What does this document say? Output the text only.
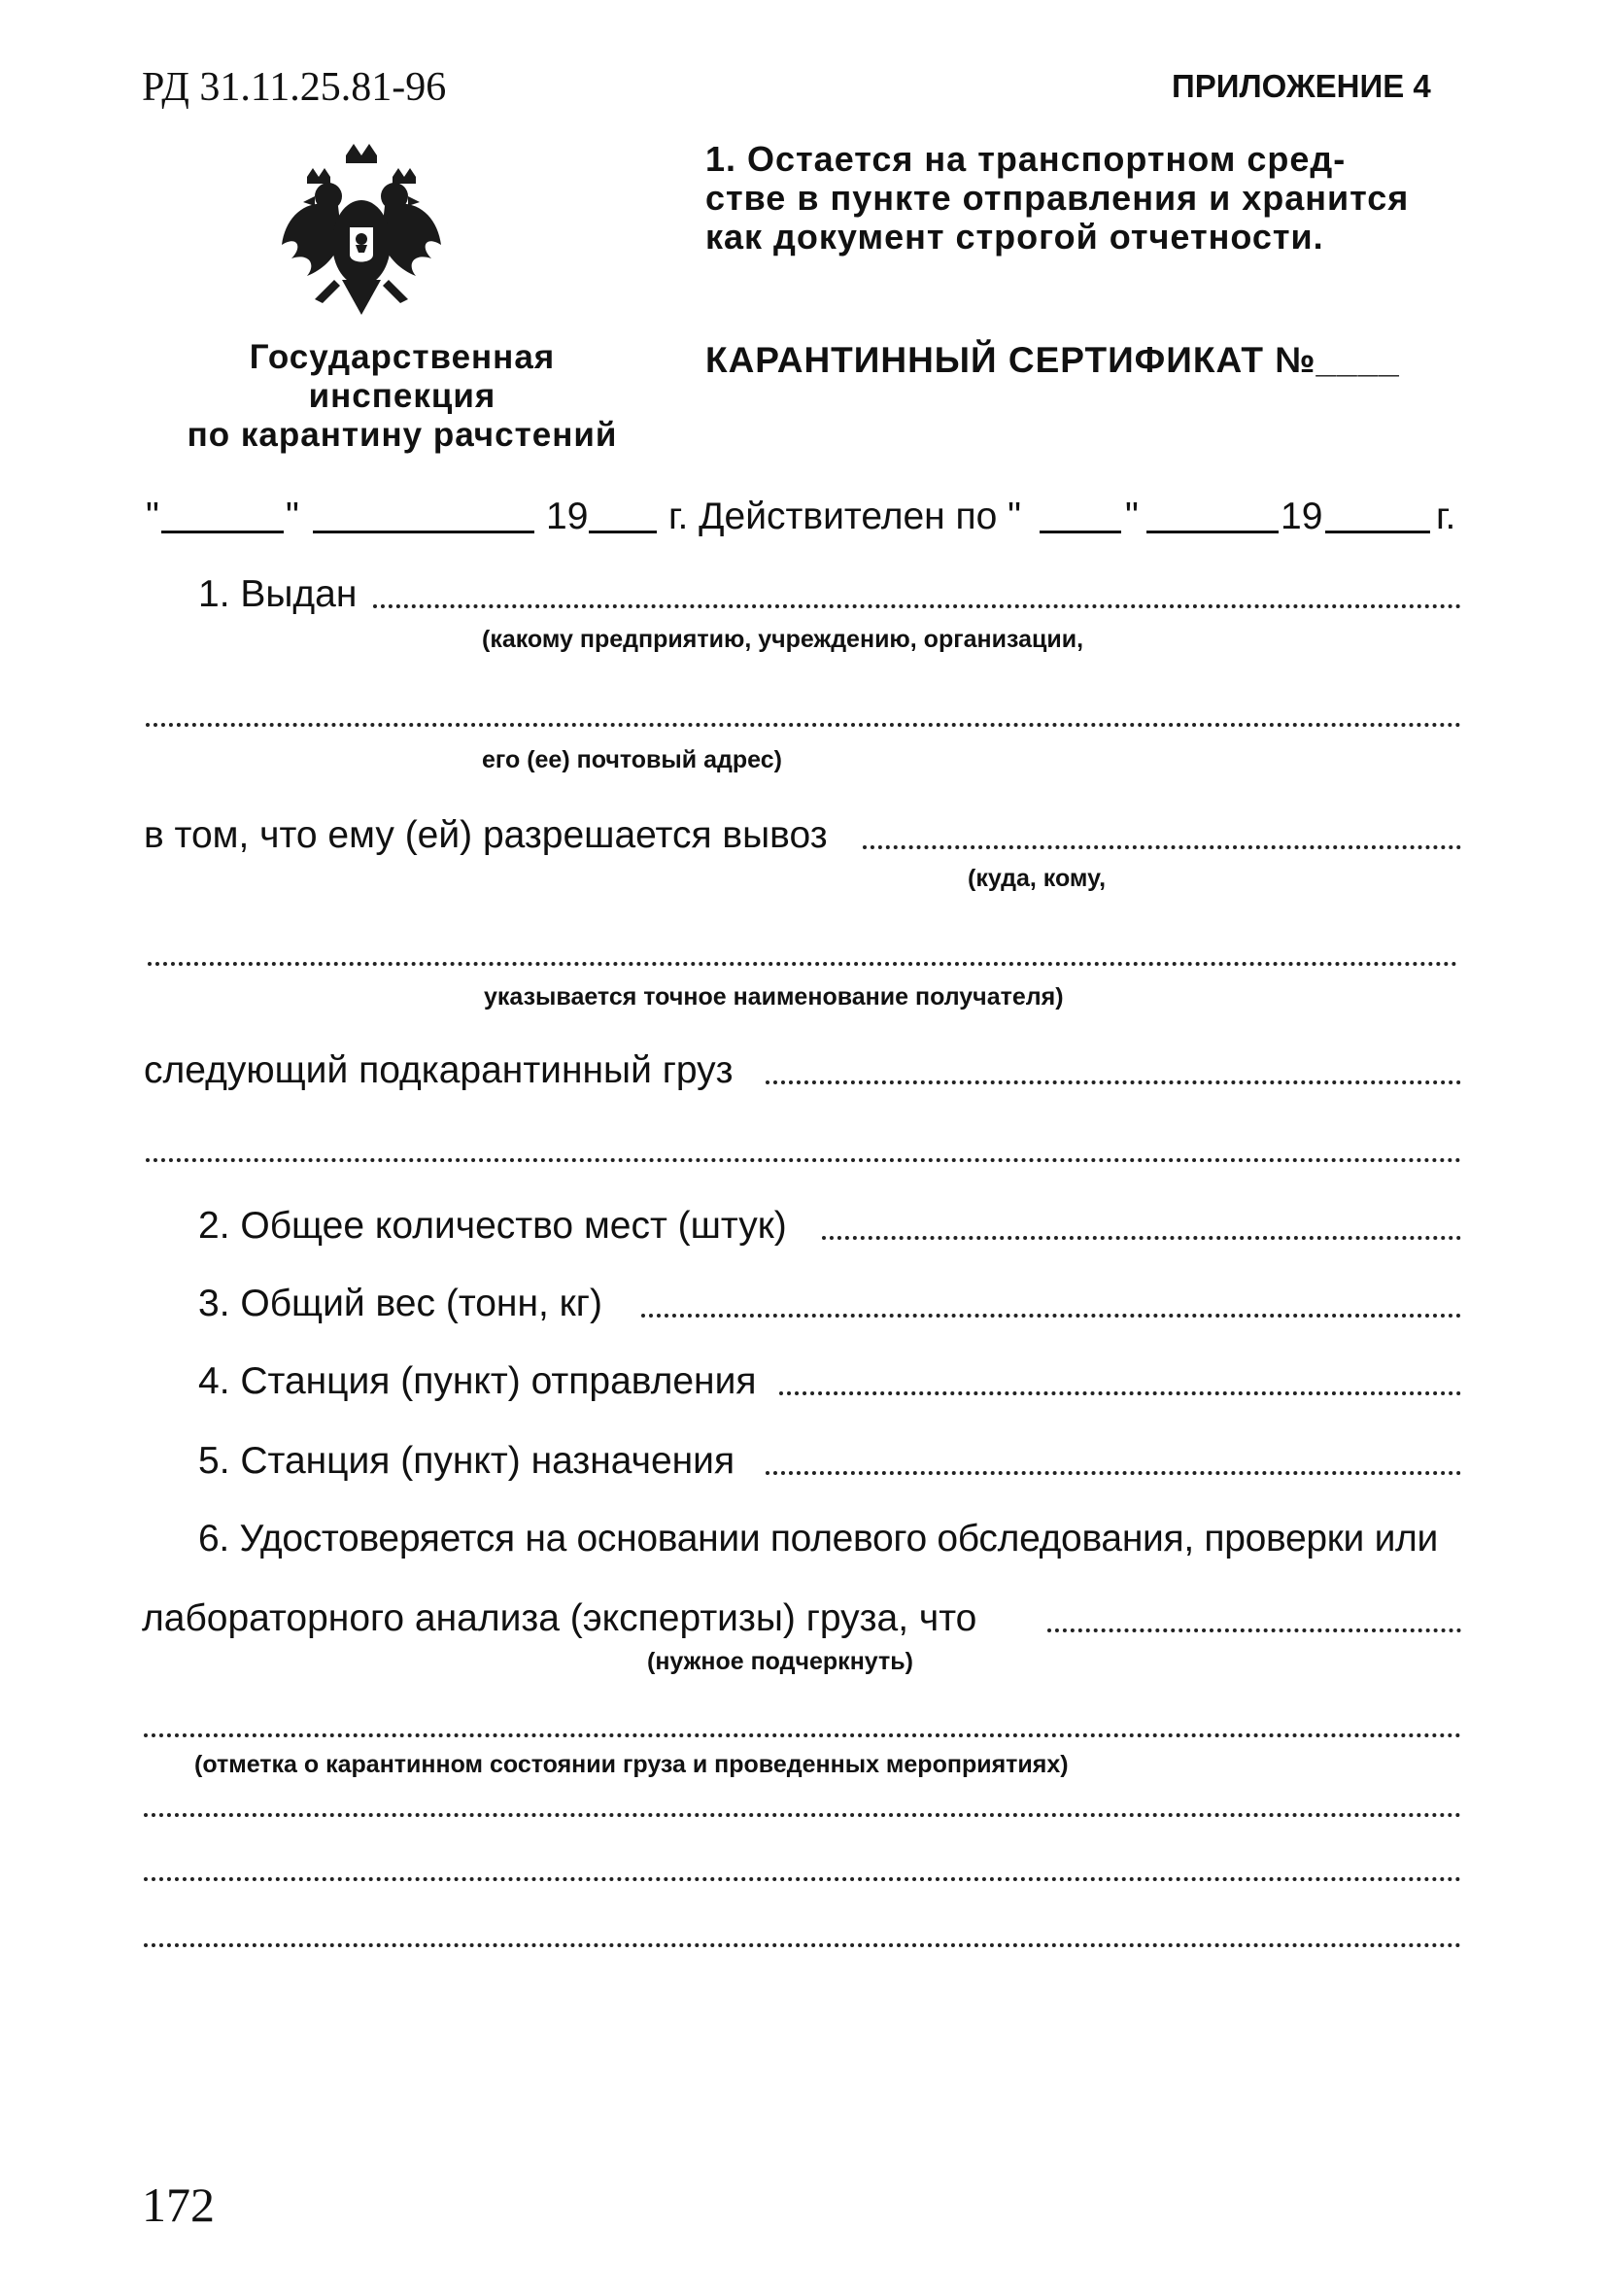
РД 31.11.25.81-96	ПРИЛОЖЕНИЕ 4
1. Остается на транспортном сред-
стве в пункте отправления и хранится
как документ строгой отчетности.
Государственная
инспекция
по карантину рачстений
КАРАНТИННЫЙ СЕРТИФИКАТ №____
"	"	19 г. Действителен по "	"	19	г.
1. Выдан
(какому предприятию, учреждению, организации,
его (ее) почтовый адрес)
в том, что ему (ей) разрешается вывоз
(куда, кому,
указывается точное наименование получателя)
следующий подкарантинный груз
2. Общее количество мест (штук)
3. Общий вес (тонн, кг)
4. Станция (пункт) отправления
5. Станция (пункт) назначения
6. Удостоверяется на основании полевого обследования, проверки или
лабораторного анализа (экспертизы) груза, что
(нужное подчеркнуть)
(отметка о карантинном состоянии груза и проведенных мероприятиях)
172
